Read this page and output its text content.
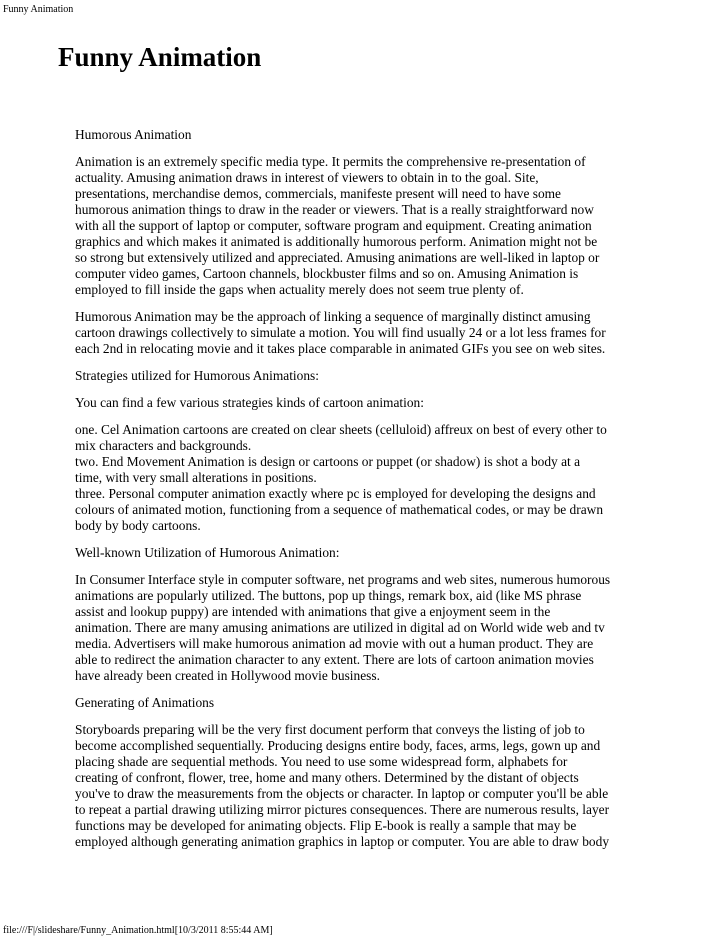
Funny Animation
Funny Animation

Humorous Animation

Animation is an extremely specific media type. It permits the comprehensive re-presentation of
actuality. Amusing animation draws in interest of viewers to obtain in to the goal. Site,
presentations, merchandise demos, commercials, manifeste present will need to have some
humorous animation things to draw in the reader or viewers. That is a really straightforward now
with all the support of laptop or computer, software program and equipment. Creating animation
graphics and which makes it animated is additionally humorous perform. Animation might not be
so strong but extensively utilized and appreciated. Amusing animations are well-liked in laptop or
computer video games, Cartoon channels, blockbuster films and so on. Amusing Animation is
employed to fill inside the gaps when actuality merely does not seem true plenty of.

Humorous Animation may be the approach of linking a sequence of marginally distinct amusing
cartoon drawings collectively to simulate a motion. You will find usually 24 or a lot less frames for
each 2nd in relocating movie and it takes place comparable in animated GIFs you see on web sites.

Strategies utilized for Humorous Animations:

You can find a few various strategies kinds of cartoon animation:

one. Cel Animation cartoons are created on clear sheets (celluloid) affreux on best of every other to
mix characters and backgrounds.
two. End Movement Animation is design or cartoons or puppet (or shadow) is shot a body at a
time, with very small alterations in positions.
three. Personal computer animation exactly where pc is employed for developing the designs and
colours of animated motion, functioning from a sequence of mathematical codes, or may be drawn
body by body cartoons.

Well-known Utilization of Humorous Animation:

In Consumer Interface style in computer software, net programs and web sites, numerous humorous
animations are popularly utilized. The buttons, pop up things, remark box, aid (like MS phrase
assist and lookup puppy) are intended with animations that give a enjoyment seem in the
animation. There are many amusing animations are utilized in digital ad on World wide web and tv
media. Advertisers will make humorous animation ad movie with out a human product. They are
able to redirect the animation character to any extent. There are lots of cartoon animation movies
have already been created in Hollywood movie business.

Generating of Animations

Storyboards preparing will be the very first document perform that conveys the listing of job to
become accomplished sequentially. Producing designs entire body, faces, arms, legs, gown up and
placing shade are sequential methods. You need to use some widespread form, alphabets for
creating of confront, flower, tree, home and many others. Determined by the distant of objects
you've to draw the measurements from the objects or character. In laptop or computer you'll be able
to repeat a partial drawing utilizing mirror pictures consequences. There are numerous results, layer
functions may be developed for animating objects. Flip E-book is really a sample that may be
employed although generating animation graphics in laptop or computer. You are able to draw body

file:///F|/slideshare/Funny_Animation.html[10/3/2011 8:55:44 AM]
